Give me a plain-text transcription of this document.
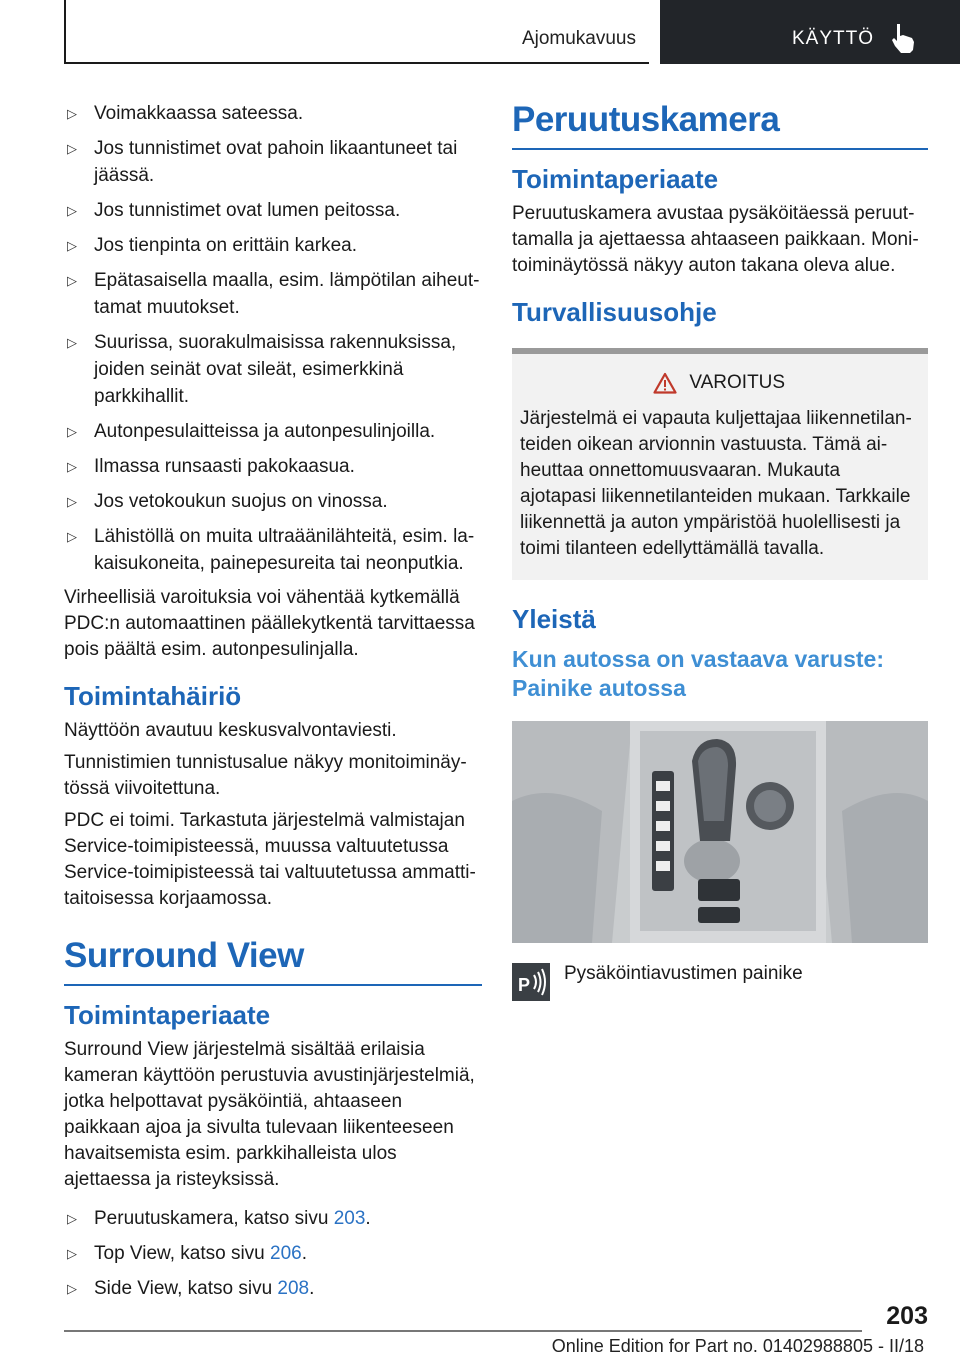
Ajomukavuus	KÄYTTÖ
▷ Voimakkaassa sateessa.
▷ Jos tunnistimet ovat pahoin likaantuneet tai jäässä.
▷ Jos tunnistimet ovat lumen peitossa.
▷ Jos tienpinta on erittäin karkea.
▷ Epätasaisella maalla, esim. lämpötilan aiheuttamat muutokset.
▷ Suurissa, suorakulmaisissa rakennuksissa, joiden seinät ovat sileät, esimerkkinä parkkihallit.
▷ Autonpesulaitteissa ja autonpesulinjoilla.
▷ Ilmassa runsaasti pakokaasua.
▷ Jos vetokoukun suojus on vinossa.
▷ Lähistöllä on muita ultraäänilähteitä, esim. lakaisukoneita, painepesureita tai neonputkia.

Virheellisiä varoituksia voi vähentää kytkemällä PDC:n automaattinen päällekytkentä tarvittaessa pois päältä esim. autonpesulinjalla.

Toimintahäiriö

Näyttöön avautuu keskusvalvontaviesti.

Tunnistimien tunnistusalue näkyy monitoiminäytössä viivoitettuna.

PDC ei toimi. Tarkastuta järjestelmä valmistajan Service-toimipisteessä, muussa valtuutetussa Service-toimipisteessä tai valtuutetussa ammattitaitoisessa korjaamossa.

Surround View
Toimintaperiaate

Surround View järjestelmä sisältää erilaisia kameran käyttöön perustuvia avustinjärjestelmiä, jotka helpottavat pysäköintiä, ahtaaseen paikkaan ajoa ja sivulta tulevaan liikenteeseen havaitsemista esim. parkkihalleista ulos ajettaessa ja risteyksissä.

▷ Peruutuskamera, katso sivu 203.
▷ Top View, katso sivu 206.
▷ Side View, katso sivu 208.
Peruutuskamera
Toimintaperiaate

Peruutuskamera avustaa pysäköitäessä peruuttamalla ja ajettaessa ahtaaseen paikkaan. Monitoiminäytössä näkyy auton takana oleva alue.

Turvallisuusohje
VAROITUS

Järjestelmä ei vapauta kuljettajaa liikennetilanteiden oikean arvionnin vastuusta. Tämä aiheuttaa onnettomuusvaaran. Mukauta ajotapasi liikennetilanteiden mukaan. Tarkkaile liikennettä ja auton ympäristöä huolellisesti ja toimi tilanteen edellyttämällä tavalla.

Yleistä
Kun autossa on vastaava varuste: Painike autossa
P
Pysäköintiavustimen painike
203
Online Edition for Part no. 01402988805 - II/18
